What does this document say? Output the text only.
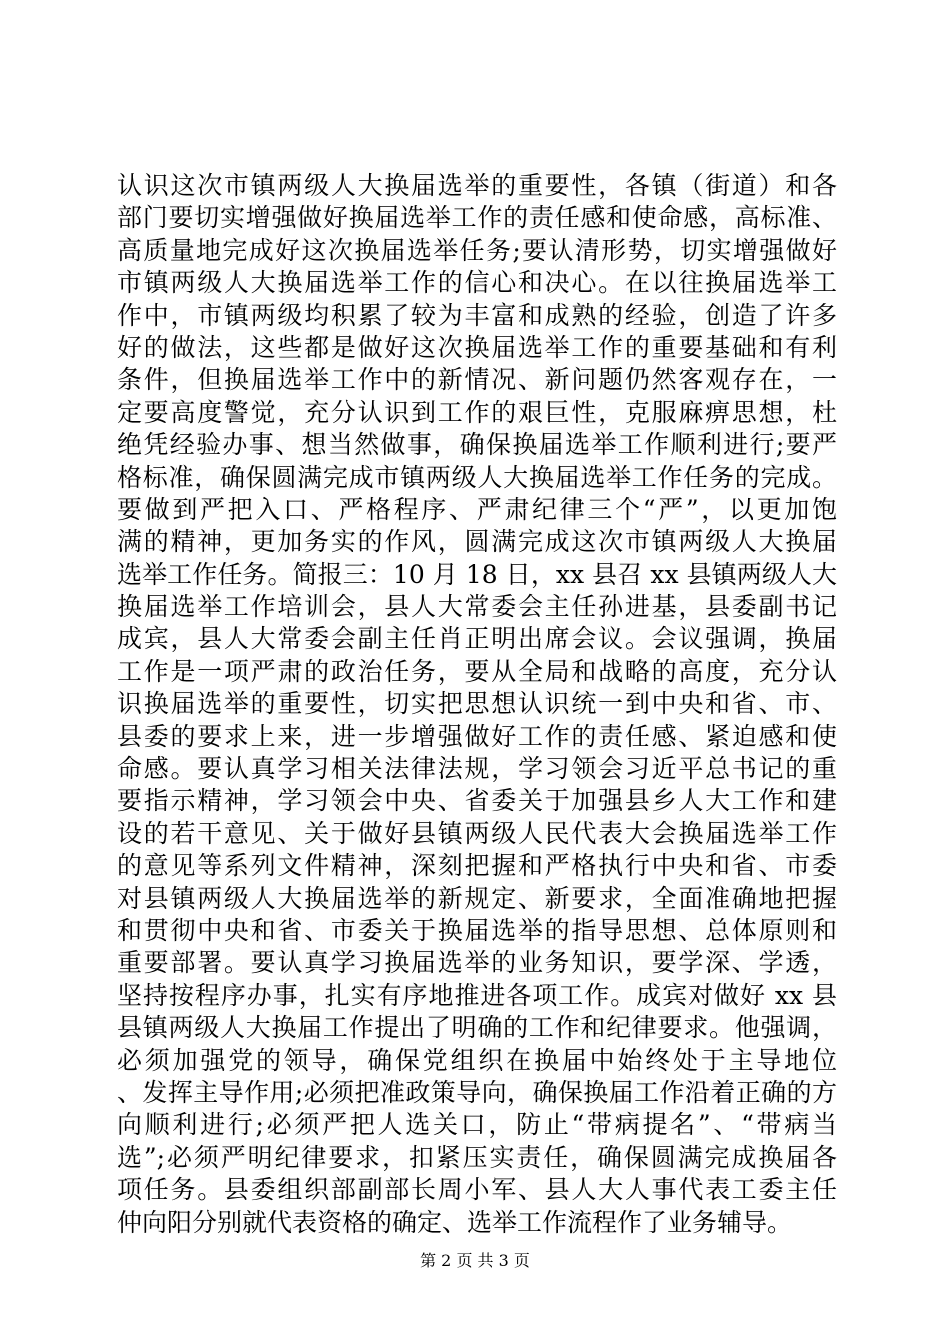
认识这次市镇两级人大换届选举的重要性，各镇（街道）和各
部门要切实增强做好换届选举工作的责任感和使命感，高标准、
高质量地完成好这次换届选举任务;要认清形势，切实增强做好
市镇两级人大换届选举工作的信心和决心。在以往换届选举工
作中，市镇两级均积累了较为丰富和成熟的经验，创造了许多
好的做法，这些都是做好这次换届选举工作的重要基础和有利
条件，但换届选举工作中的新情况、新问题仍然客观存在，一
定要高度警觉，充分认识到工作的艰巨性，克服麻痹思想，杜
绝凭经验办事、想当然做事，确保换届选举工作顺利进行;要严
格标准，确保圆满完成市镇两级人大换届选举工作任务的完成。
要做到严把入口、严格程序、严肃纪律三个“严”，以更加饱
满的精神，更加务实的作风，圆满完成这次市镇两级人大换届
选举工作任务。简报三：10 月 18 日，xx 县召 xx 县镇两级人大
换届选举工作培训会，县人大常委会主任孙进基，县委副书记
成宾，县人大常委会副主任肖正明出席会议。会议强调，换届
工作是一项严肃的政治任务，要从全局和战略的高度，充分认
识换届选举的重要性，切实把思想认识统一到中央和省、市、
县委的要求上来，进一步增强做好工作的责任感、紧迫感和使
命感。要认真学习相关法律法规，学习领会习近平总书记的重
要指示精神，学习领会中央、省委关于加强县乡人大工作和建
设的若干意见、关于做好县镇两级人民代表大会换届选举工作
的意见等系列文件精神，深刻把握和严格执行中央和省、市委
对县镇两级人大换届选举的新规定、新要求，全面准确地把握
和贯彻中央和省、市委关于换届选举的指导思想、总体原则和
重要部署。要认真学习换届选举的业务知识，要学深、学透，
坚持按程序办事，扎实有序地推进各项工作。成宾对做好 xx 县
县镇两级人大换届工作提出了明确的工作和纪律要求。他强调，
必须加强党的领导，确保党组织在换届中始终处于主导地位
、发挥主导作用;必须把准政策导向，确保换届工作沿着正确的方
向顺利进行;必须严把人选关口，防止“带病提名”、“带病当
选”;必须严明纪律要求，扣紧压实责任，确保圆满完成换届各
项任务。县委组织部副部长周小军、县人大人事代表工委主任
仲向阳分别就代表资格的确定、选举工作流程作了业务辅导。
第 2 页 共 3 页
